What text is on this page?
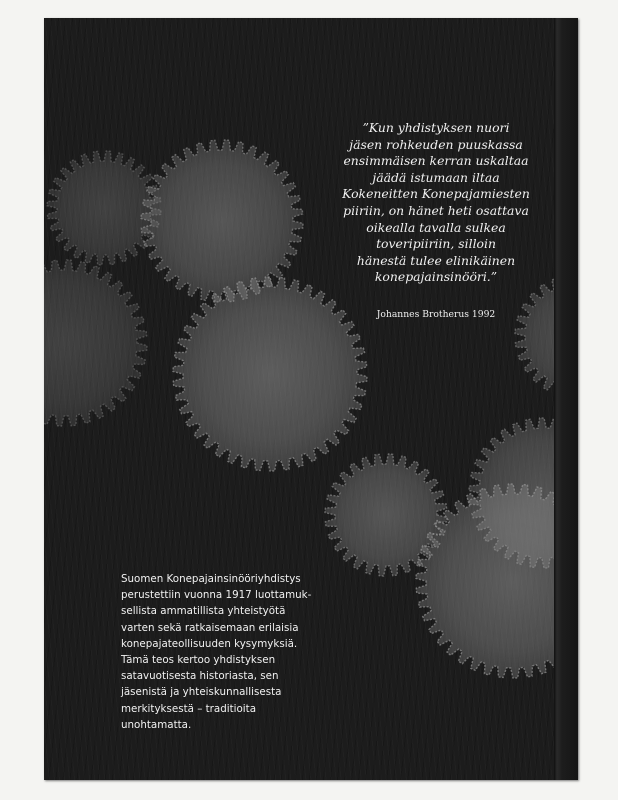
”Kun yhdistyksen nuori
jäsen rohkeuden puuskassa
ensimmäisen kerran uskaltaa
jäädä istumaan iltaa
Kokeneitten Konepajamiesten
piiriin, on hänet heti osattava
oikealla tavalla sulkea
toveripiiriin, silloin
hänestä tulee elinikäinen
konepajainsinööri.”
Johannes Brotherus 1992
Suomen Konepajainsinööriyhdistys
perustettiin vuonna 1917 luottamuk-
sellista ammatillista yhteistyötä
varten sekä ratkaisemaan erilaisia
konepajateollisuuden kysymyksiä.
Tämä teos kertoo yhdistyksen
satavuotisesta historiasta, sen
jäsenistä ja yhteiskunnallisesta
merkityksestä – traditioita
unohtamatta.
